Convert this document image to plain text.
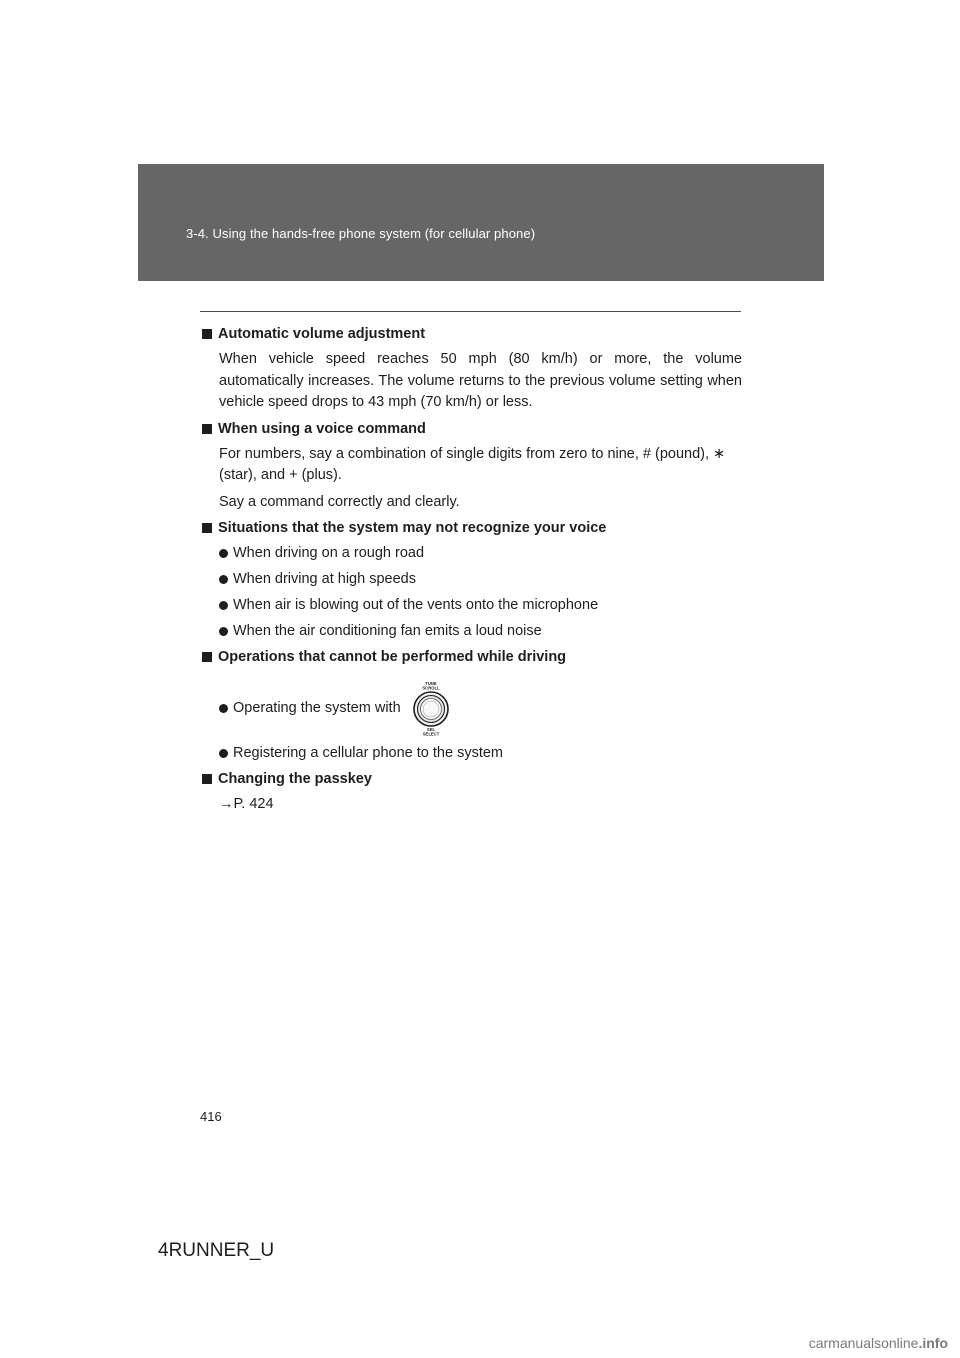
3-4. Using the hands-free phone system (for cellular phone)
Automatic volume adjustment
When vehicle speed reaches 50 mph (80 km/h) or more, the volume automatically increases. The volume returns to the previous volume setting when vehicle speed drops to 43 mph (70 km/h) or less.
When using a voice command
For numbers, say a combination of single digits from zero to nine, # (pound), ∗ (star), and + (plus).
Say a command correctly and clearly.
Situations that the system may not recognize your voice
When driving on a rough road
When driving at high speeds
When air is blowing out of the vents onto the microphone
When the air conditioning fan emits a loud noise
Operations that cannot be performed while driving
Operating the system with
TUNE
SCROLL
SEL
SELECT
Registering a cellular phone to the system
Changing the passkey
→P. 424
416
4RUNNER_U
carmanualsonline.info
